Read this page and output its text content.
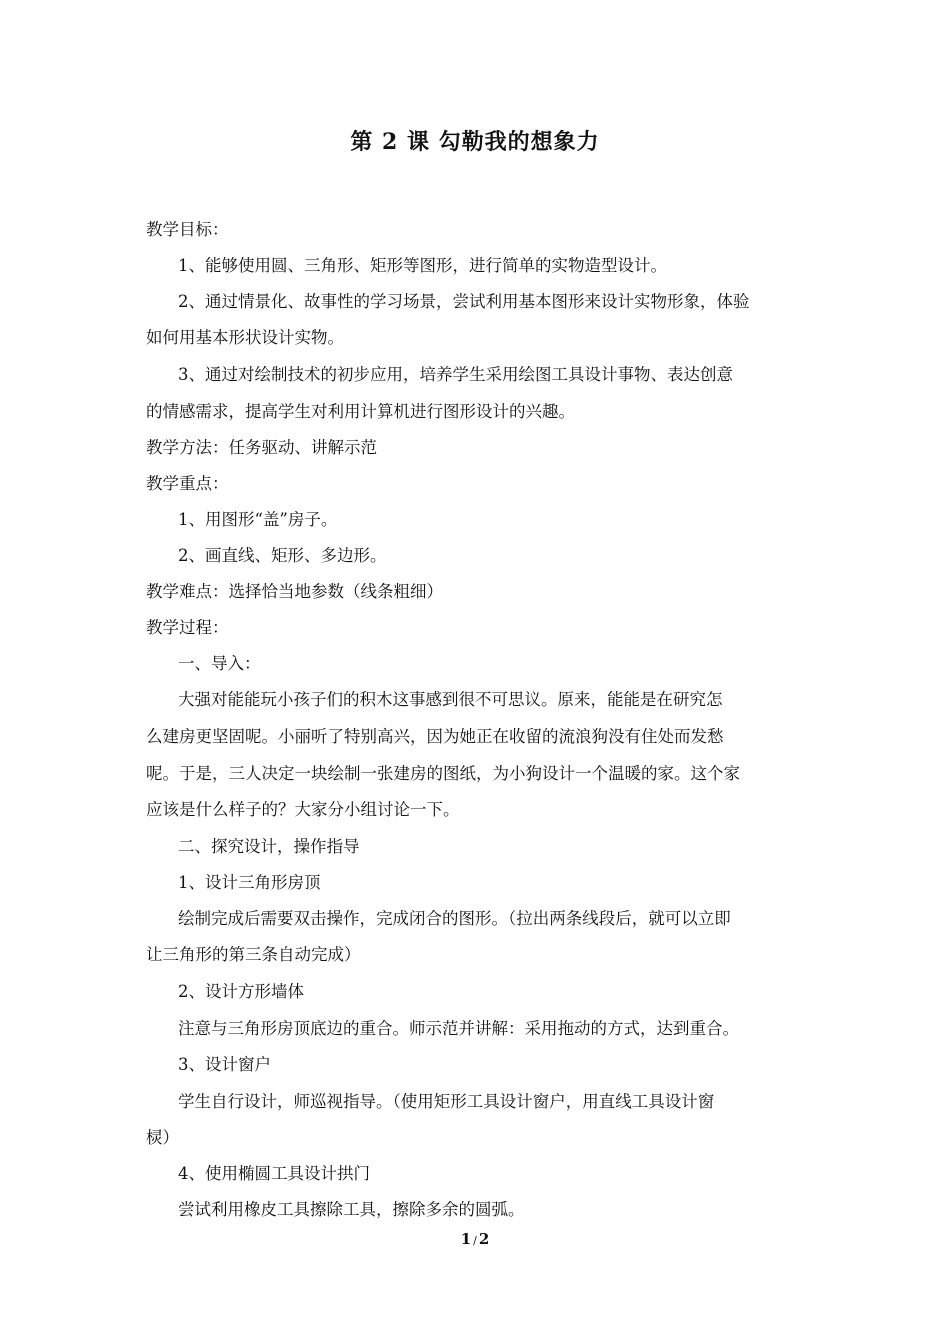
第 2 课 勾勒我的想象力
教学目标：
1、能够使用圆、三角形、矩形等图形，进行简单的实物造型设计。
2、通过情景化、故事性的学习场景，尝试利用基本图形来设计实物形象，体验
如何用基本形状设计实物。
3、通过对绘制技术的初步应用，培养学生采用绘图工具设计事物、表达创意
的情感需求，提高学生对利用计算机进行图形设计的兴趣。
教学方法：任务驱动、讲解示范
教学重点：
1、用图形“盖”房子。
2、画直线、矩形、多边形。
教学难点：选择恰当地参数（线条粗细）
教学过程：
一、导入：
大强对能能玩小孩子们的积木这事感到很不可思议。原来，能能是在研究怎
么建房更坚固呢。小丽听了特别高兴，因为她正在收留的流浪狗没有住处而发愁
呢。于是，三人决定一块绘制一张建房的图纸，为小狗设计一个温暖的家。这个家
应该是什么样子的？大家分小组讨论一下。
二、探究设计，操作指导
1、设计三角形房顶
绘制完成后需要双击操作，完成闭合的图形。（拉出两条线段后，就可以立即
让三角形的第三条自动完成）
2、设计方形墙体
注意与三角形房顶底边的重合。师示范并讲解：采用拖动的方式，达到重合。
3、设计窗户
学生自行设计，师巡视指导。（使用矩形工具设计窗户，用直线工具设计窗
棂）
4、使用椭圆工具设计拱门
尝试利用橡皮工具擦除工具，擦除多余的圆弧。
1 / 2
